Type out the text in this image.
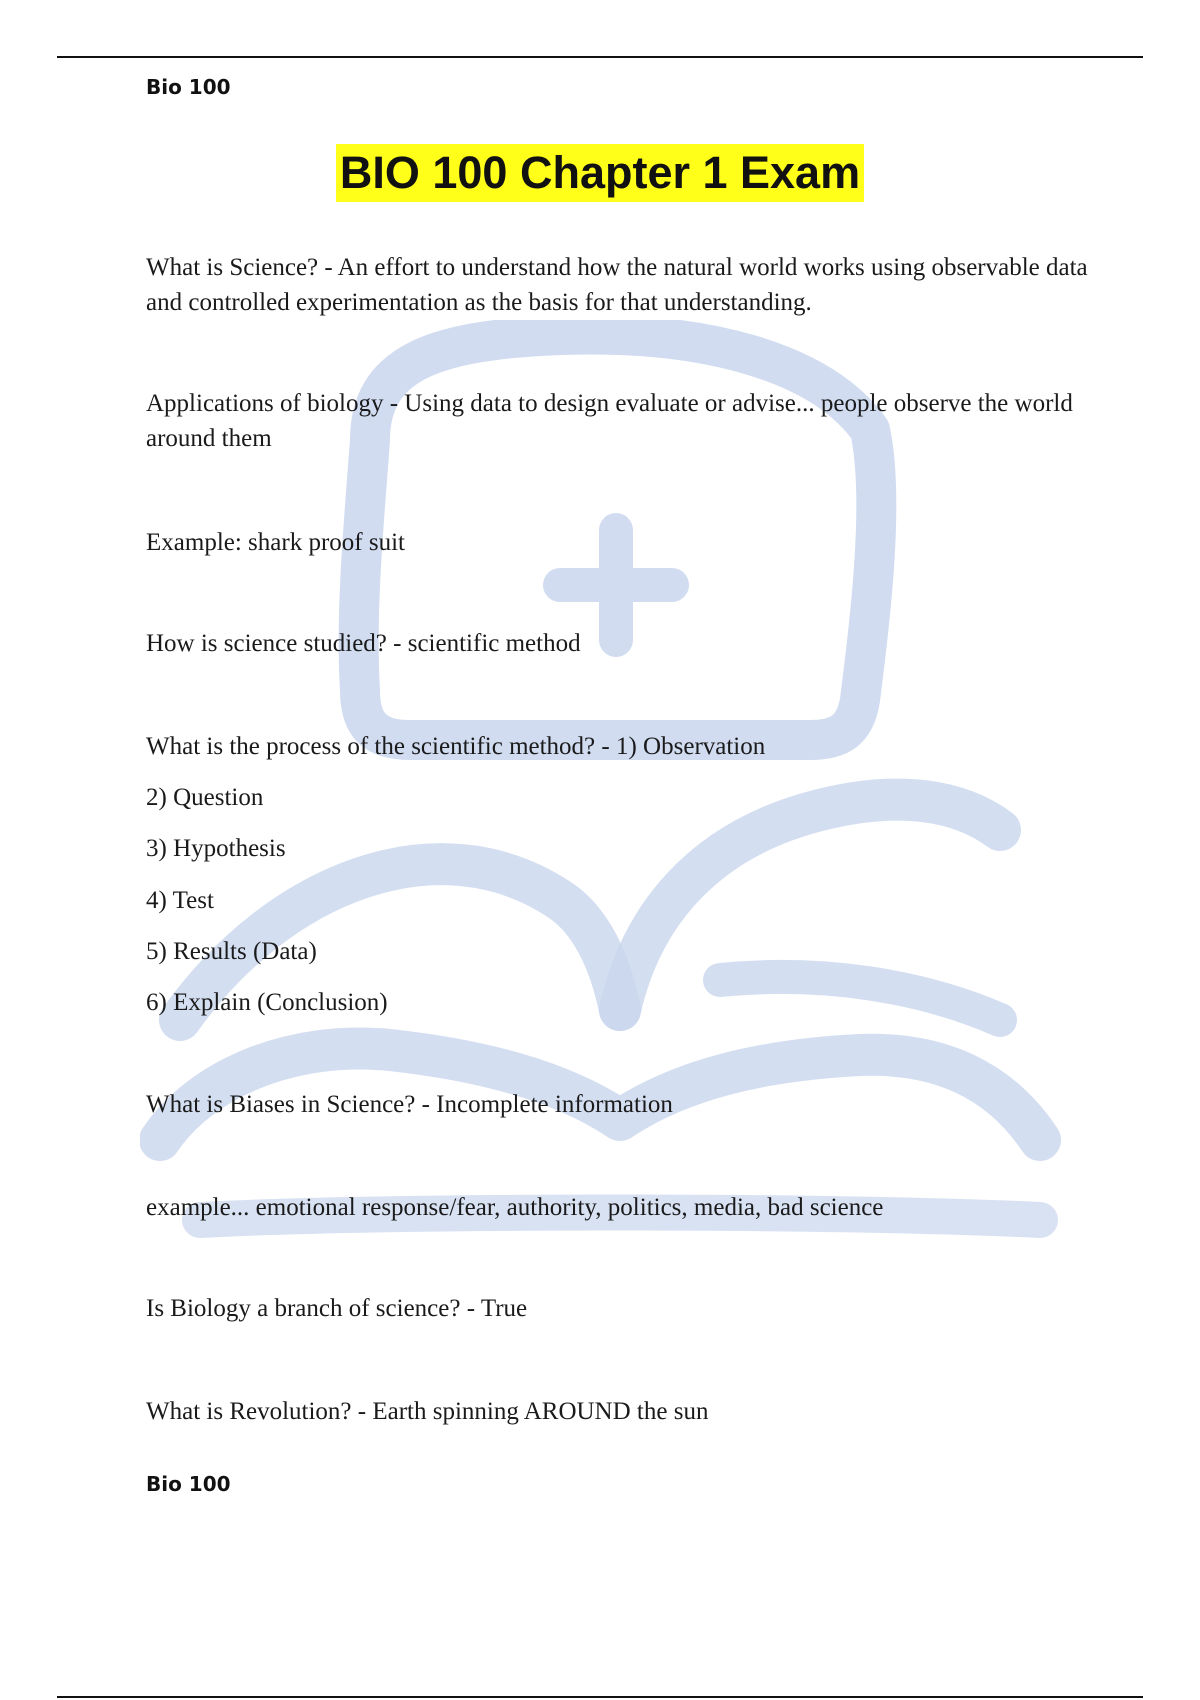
Bio 100
BIO 100 Chapter 1 Exam
What is Science? - An effort to understand how the natural world works using observable data and controlled experimentation as the basis for that understanding.
Applications of biology - Using data to design evaluate or advise... people observe the world around them
Example: shark proof suit
How is science studied? - scientific method
What is the process of the scientific method? - 1) Observation
2) Question
3) Hypothesis
4) Test
5) Results (Data)
6) Explain (Conclusion)
What is Biases in Science? - Incomplete information
example... emotional response/fear, authority, politics, media, bad science
Is Biology a branch of science? - True
What is Revolution? - Earth spinning AROUND the sun
Bio 100
